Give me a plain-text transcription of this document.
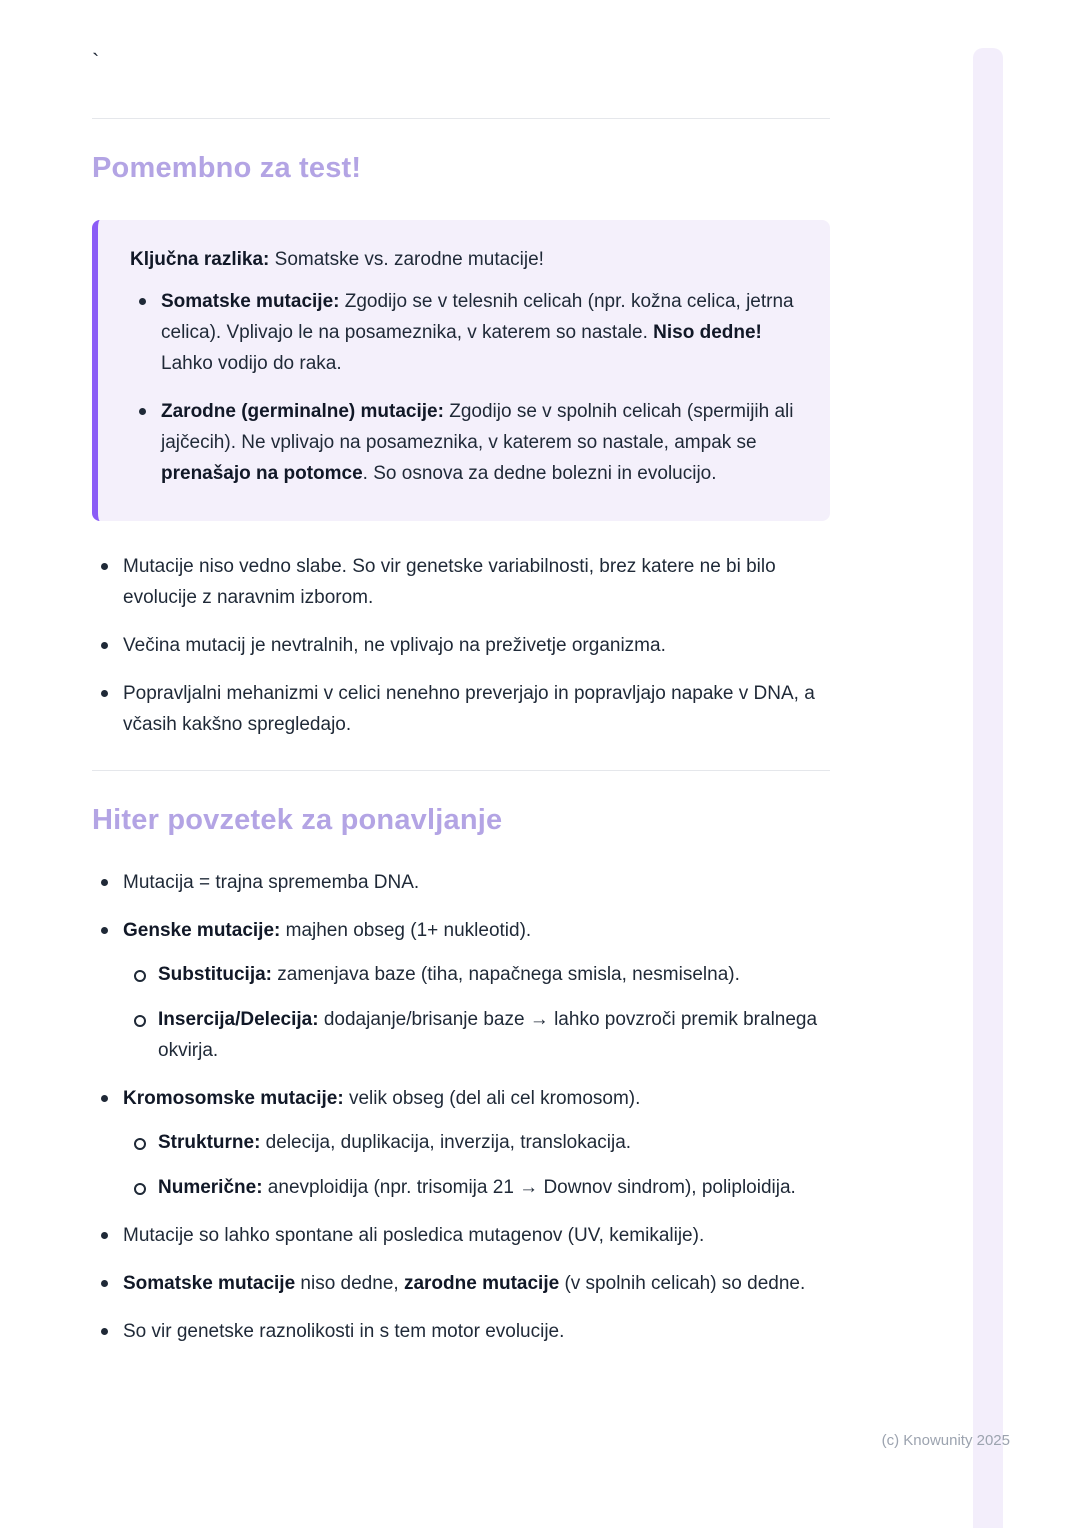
`
Pomembno za test!

Ključna razlika: Somatske vs. zarodne mutacije!

Somatske mutacije: Zgodijo se v telesnih celicah (npr. kožna celica, jetrna celica). Vplivajo le na posameznika, v katerem so nastale. Niso dedne! Lahko vodijo do raka.
Zarodne (germinalne) mutacije: Zgodijo se v spolnih celicah (spermijih ali jajčecih). Ne vplivajo na posameznika, v katerem so nastale, ampak se prenašajo na potomce. So osnova za dedne bolezni in evolucijo.
Mutacije niso vedno slabe. So vir genetske variabilnosti, brez katere ne bi bilo evolucije z naravnim izborom.
Večina mutacij je nevtralnih, ne vplivajo na preživetje organizma.
Popravljalni mehanizmi v celici nenehno preverjajo in popravljajo napake v DNA, a včasih kakšno spregledajo.
Hiter povzetek za ponavljanje
Mutacija = trajna sprememba DNA.
Genske mutacije: majhen obseg (1+ nukleotid).
Substitucija: zamenjava baze (tiha, napačnega smisla, nesmiselna).
Insercija/Delecija: dodajanje/brisanje baze → lahko povzroči premik bralnega okvirja.
Kromosomske mutacije: velik obseg (del ali cel kromosom).
Strukturne: delecija, duplikacija, inverzija, translokacija.
Numerične: anevploidija (npr. trisomija 21 → Downov sindrom), poliploidija.
Mutacije so lahko spontane ali posledica mutagenov (UV, kemikalije).
Somatske mutacije niso dedne, zarodne mutacije (v spolnih celicah) so dedne.
So vir genetske raznolikosti in s tem motor evolucije.
(c) Knowunity 2025
